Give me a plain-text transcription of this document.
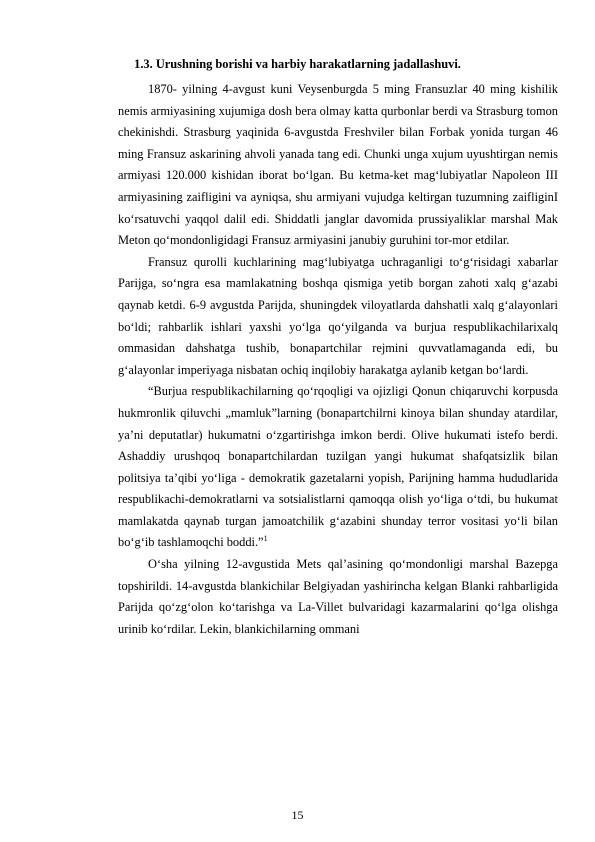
1.3. Urushning borishi va harbiy harakatlarning jadallashuvi.

1870- yilning 4-avgust kuni Veysenburgda 5 ming Fransuzlar 40 ming kishilik nemis armiyasining xujumiga dosh bera olmay katta qurbonlar berdi va Strasburg tomon chekinishdi. Strasburg yaqinida 6-avgustda Freshviler bilan Forbak yonida turgan 46 ming Fransuz askarining ahvoli yanada tang edi. Chunki unga xujum uyushtirgan nemis armiyasi 120.000 kishidan iborat bo‘lgan. Bu ketma-ket mag‘lubiyatlar Napoleon III armiyasining zaifligini va ayniqsa, shu armiyani vujudga keltirgan tuzumning zaifliginI ko‘rsatuvchi yaqqol dalil edi. Shiddatli janglar davomida prussiyaliklar marshal Mak Meton qo‘mondonligidagi Fransuz armiyasini janubiy guruhini tor-mor etdilar.

Fransuz qurolli kuchlarining mag‘lubiyatga uchraganligi to‘g‘risidagi xabarlar Parijga, so‘ngra esa mamlakatning boshqa qismiga yetib borgan zahoti xalq g‘azabi qaynab ketdi. 6-9 avgustda Parijda, shuningdek viloyatlarda dahshatli xalq g‘alayonlari bo‘ldi; rahbarlik ishlari yaxshi yo‘lga qo‘yilganda va burjua respublikachilarixalq ommasidan dahshatga tushib, bonapartchilar rejmini quvvatlamaganda edi, bu g‘alayonlar imperiyaga nisbatan ochiq inqilobiy harakatga aylanib ketgan bo‘lardi.

“Burjua respublikachilarning qo‘rqoqligi va ojizligi Qonun chiqaruvchi korpusda hukmronlik qiluvchi „mamluk”larning (bonapartchilrni kinoya bilan shunday atardilar, ya’ni deputatlar) hukumatni o‘zgartirishga imkon berdi. Olive hukumati istefo berdi. Ashaddiy urushqoq bonapartchilardan tuzilgan yangi hukumat shafqatsizlik bilan politsiya ta’qibi yo‘liga - demokratik gazetalarni yopish, Parijning hamma hududlarida respublikachi-demokratlarni va sotsialistlarni qamoqqa olish yo‘liga o‘tdi, bu hukumat mamlakatda qaynab turgan jamoatchilik g‘azabini shunday terror vositasi yo‘li bilan bo‘g‘ib tashlamoqchi boddi.”$^1$

O‘sha yilning 12-avgustida Mets qal’asining qo‘mondonligi marshal Bazepga topshirildi. 14-avgustda blankichilar Belgiyadan yashirincha kelgan Blanki rahbarligida Parijda qo‘zg‘olon ko‘tarishga va La-Villet bulvaridagi kazarmalarini qo‘lga olishga urinib ko‘rdilar. Lekin, blankichilarning ommani

15
